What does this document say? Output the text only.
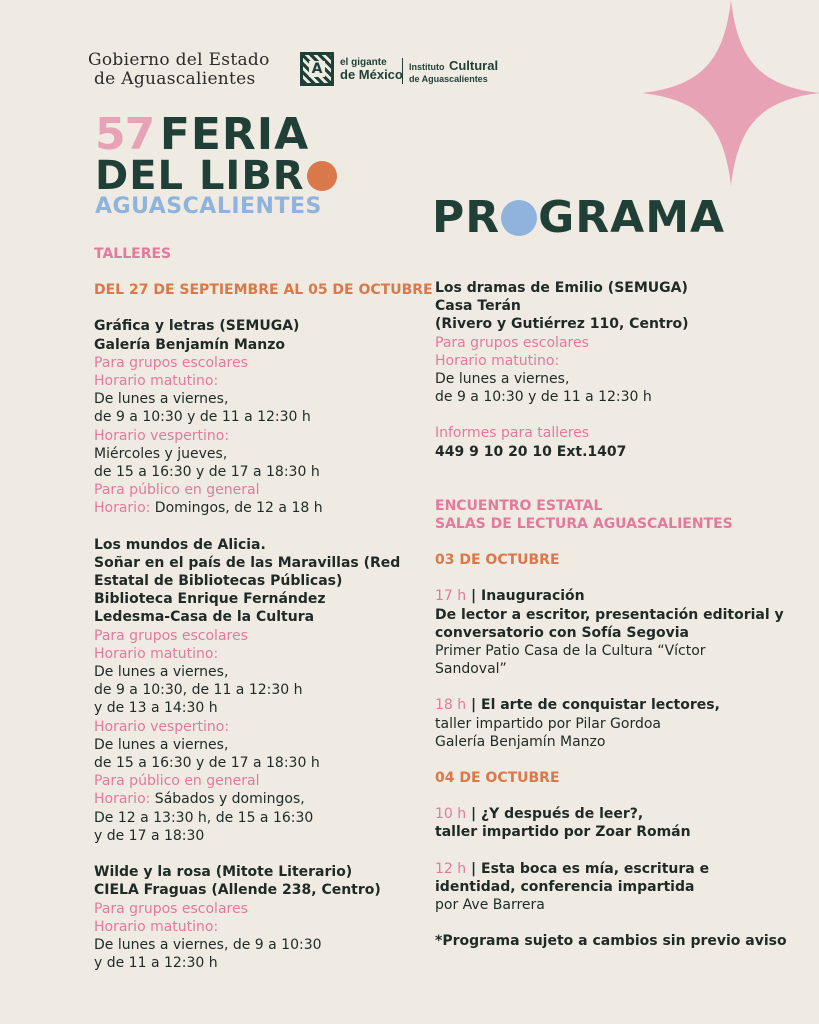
Gobierno del Estado
de Aguascalientes	A el gigante
de México Instituto Cultural
de Aguascalientes
57 FERIA
DEL LIBR
AGUASCALIENTES	PR GRAMA

TALLERES

DEL 27 DE SEPTIEMBRE AL 05 DE OCTUBRE

Gráfica y letras (SEMUGA)

Galería Benjamín Manzo

Para grupos escolares

Horario matutino:

De lunes a viernes,

de 9 a 10:30 y de 11 a 12:30 h

Horario vespertino:

Miércoles y jueves,

de 15 a 16:30 y de 17 a 18:30 h

Para público en general

Horario: Domingos, de 12 a 18 h

Los mundos de Alicia.

Soñar en el país de las Maravillas (Red

Estatal de Bibliotecas Públicas)

Biblioteca Enrique Fernández

Ledesma-Casa de la Cultura

Para grupos escolares

Horario matutino:

De lunes a viernes,

de 9 a 10:30, de 11 a 12:30 h

y de 13 a 14:30 h

Horario vespertino:

De lunes a viernes,

de 15 a 16:30 y de 17 a 18:30 h

Para público en general

Horario: Sábados y domingos,

De 12 a 13:30 h, de 15 a 16:30

y de 17 a 18:30

Wilde y la rosa (Mitote Literario)

CIELA Fraguas (Allende 238, Centro)

Para grupos escolares

Horario matutino:

De lunes a viernes, de 9 a 10:30

y de 11 a 12:30 h

Los dramas de Emilio (SEMUGA)

Casa Terán

(Rivero y Gutiérrez 110, Centro)

Para grupos escolares

Horario matutino:

De lunes a viernes,

de 9 a 10:30 y de 11 a 12:30 h

Informes para talleres

449 9 10 20 10 Ext.1407

ENCUENTRO ESTATAL

SALAS DE LECTURA AGUASCALIENTES

03 DE OCTUBRE

17 h | Inauguración

De lector a escritor, presentación editorial y

conversatorio con Sofía Segovia

Primer Patio Casa de la Cultura “Víctor

Sandoval”

18 h | El arte de conquistar lectores,

taller impartido por Pilar Gordoa

Galería Benjamín Manzo

04 DE OCTUBRE

10 h | ¿Y después de leer?,

taller impartido por Zoar Román

12 h | Esta boca es mía, escritura e

identidad, conferencia impartida

por Ave Barrera

*Programa sujeto a cambios sin previo aviso
